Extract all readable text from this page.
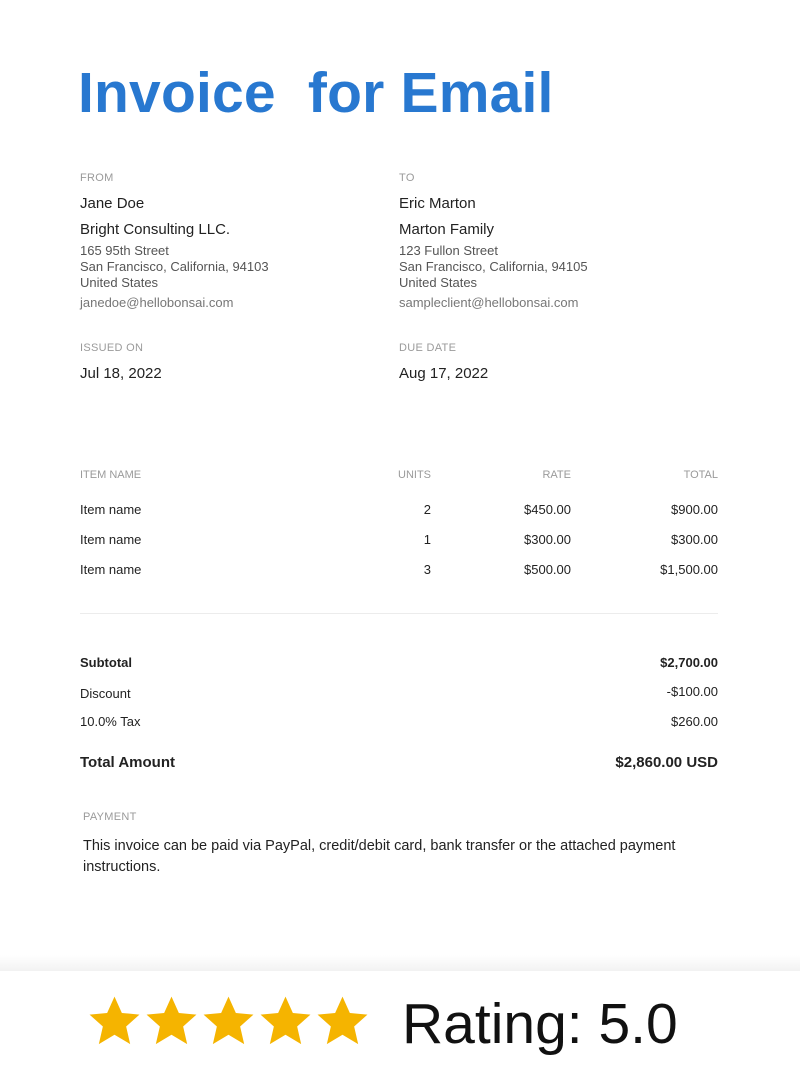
Invoice  for Email
FROM
Jane Doe
Bright Consulting LLC.
165 95th Street
San Francisco, California, 94103
United States
janedoe@hellobonsai.com
TO
Eric Marton
Marton Family
123 Fullon Street
San Francisco, California, 94105
United States
sampleclient@hellobonsai.com
ISSUED ON
Jul 18, 2022
DUE DATE
Aug 17, 2022
ITEM NAME	UNITS	RATE	TOTAL
Item name	2	$450.00	$900.00
Item name	1	$300.00	$300.00
Item name	3	$500.00	$1,500.00
Subtotal	$2,700.00
Discount	-$100.00
10.0% Tax	$260.00
Total Amount	$2,860.00 USD
PAYMENT
This invoice can be paid via PayPal, credit/debit card, bank transfer or the attached payment instructions.
Rating: 5.0
